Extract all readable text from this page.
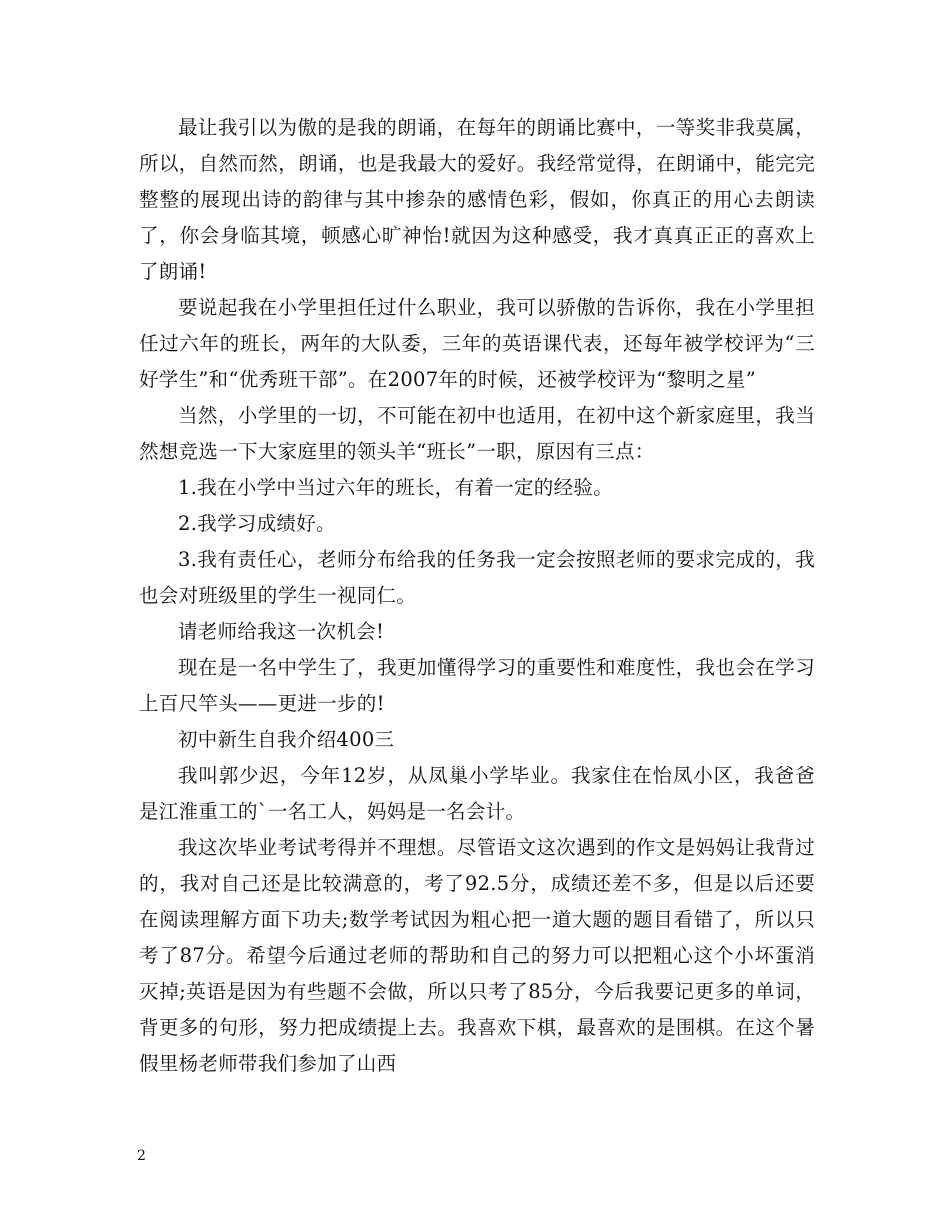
最让我引以为傲的是我的朗诵，在每年的朗诵比赛中，一等奖非我莫属，所以，自然而然，朗诵，也是我最大的爱好。我经常觉得，在朗诵中，能完完整整的展现出诗的韵律与其中掺杂的感情色彩，假如，你真正的用心去朗读了，你会身临其境，顿感心旷神怡!就因为这种感受，我才真真正正的喜欢上了朗诵!

要说起我在小学里担任过什么职业，我可以骄傲的告诉你，我在小学里担任过六年的班长，两年的大队委，三年的英语课代表，还每年被学校评为“三好学生”和“优秀班干部”。在2007年的时候，还被学校评为“黎明之星”

当然，小学里的一切，不可能在初中也适用，在初中这个新家庭里，我当然想竞选一下大家庭里的领头羊“班长”一职，原因有三点：

1.我在小学中当过六年的班长，有着一定的经验。

2.我学习成绩好。

3.我有责任心，老师分布给我的任务我一定会按照老师的要求完成的，我也会对班级里的学生一视同仁。

请老师给我这一次机会!

现在是一名中学生了，我更加懂得学习的重要性和难度性，我也会在学习上百尺竿头——更进一步的!

初中新生自我介绍400三

我叫郭少迟，今年12岁，从凤巢小学毕业。我家住在怡凤小区，我爸爸是江淮重工的`一名工人，妈妈是一名会计。

我这次毕业考试考得并不理想。尽管语文这次遇到的作文是妈妈让我背过的，我对自己还是比较满意的，考了92.5分，成绩还差不多，但是以后还要在阅读理解方面下功夫;数学考试因为粗心把一道大题的题目看错了，所以只考了87分。希望今后通过老师的帮助和自己的努力可以把粗心这个小坏蛋消灭掉;英语是因为有些题不会做，所以只考了85分，今后我要记更多的单词，背更多的句形，努力把成绩提上去。我喜欢下棋，最喜欢的是围棋。在这个暑假里杨老师带我们参加了山西

2
